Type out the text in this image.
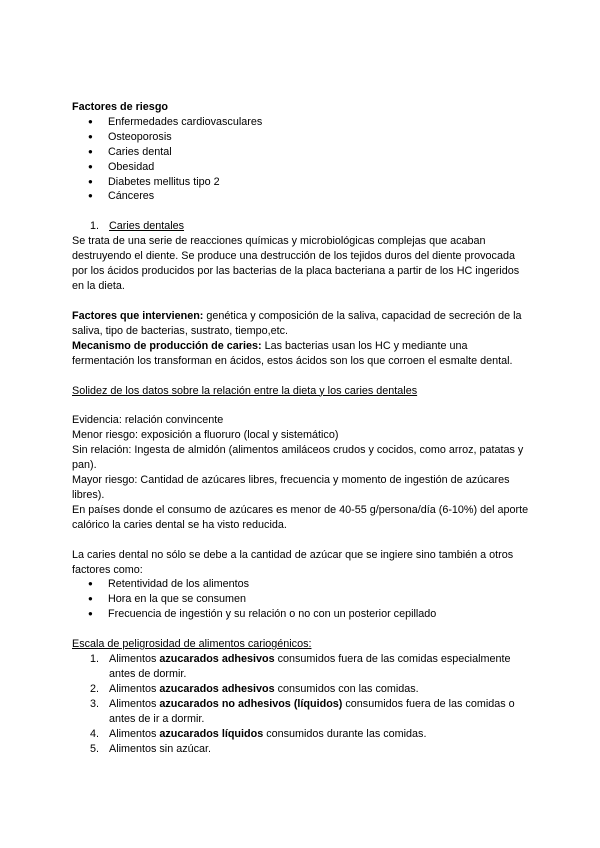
Factores de riesgo

● Enfermedades cardiovasculares
● Osteoporosis
● Caries dental
● Obesidad
● Diabetes mellitus tipo 2
● Cánceres
1. Caries dentales

Se trata de una serie de reacciones químicas y microbiológicas complejas que acaban destruyendo el diente. Se produce una destrucción de los tejidos duros del diente provocada por los ácidos producidos por las bacterias de la placa bacteriana a partir de los HC ingeridos en la dieta.

Factores que intervienen: genética y composición de la saliva, capacidad de secreción de la saliva, tipo de bacterias, sustrato, tiempo,etc.

Mecanismo de producción de caries: Las bacterias usan los HC y mediante una fermentación los transforman en ácidos, estos ácidos son los que corroen el esmalte dental.

Solidez de los datos sobre la relación entre la dieta y los caries dentales

Evidencia: relación convincente

Menor riesgo: exposición a fluoruro (local y sistemático)

Sin relación: Ingesta de almidón (alimentos amiláceos crudos y cocidos, como arroz, patatas y pan).

Mayor riesgo: Cantidad de azúcares libres, frecuencia y momento de ingestión de azúcares libres).

En países donde el consumo de azúcares es menor de 40-55 g/persona/día (6-10%) del aporte calórico la caries dental se ha visto reducida.

La caries dental no sólo se debe a la cantidad de azúcar que se ingiere sino también a otros factores como:

● Retentividad de los alimentos
● Hora en la que se consumen
● Frecuencia de ingestión y su relación o no con un posterior cepillado

Escala de peligrosidad de alimentos cariogénicos:

1. Alimentos azucarados adhesivos consumidos fuera de las comidas especialmente antes de dormir.
2. Alimentos azucarados adhesivos consumidos con las comidas.
3. Alimentos azucarados no adhesivos (líquidos) consumidos fuera de las comidas o antes de ir a dormir.
4. Alimentos azucarados líquidos consumidos durante las comidas.
5. Alimentos sin azúcar.
